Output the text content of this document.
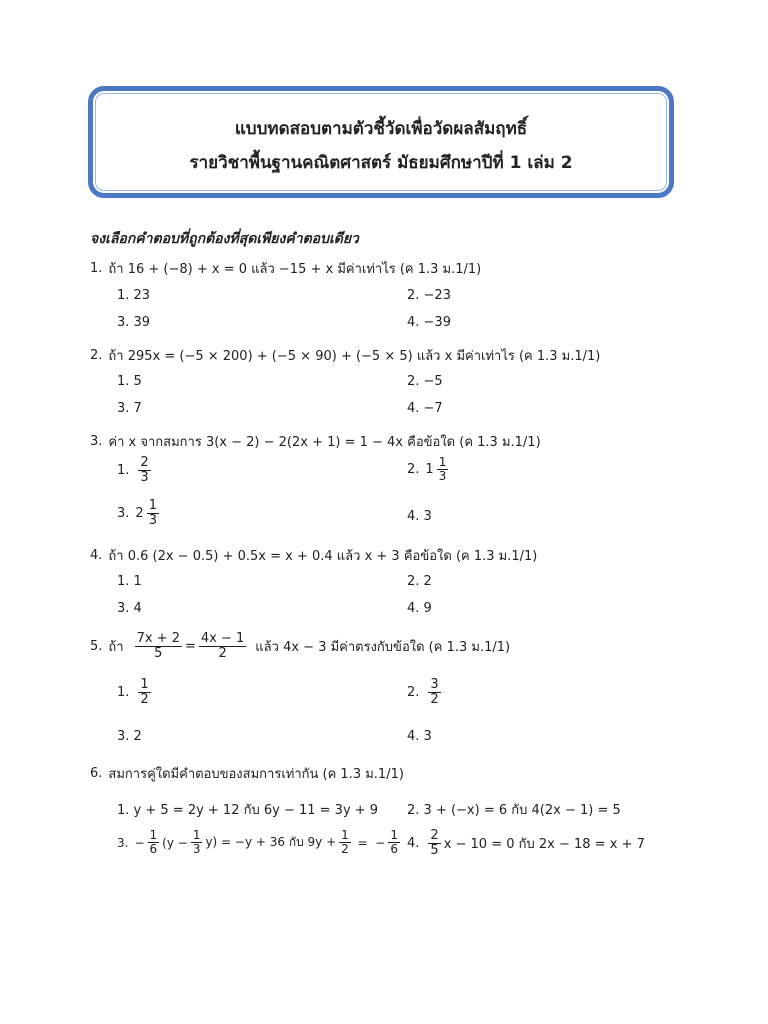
แบบทดสอบตามตัวชี้วัดเพื่อวัดผลสัมฤทธิ์
รายวิชาพื้นฐานคณิตศาสตร์ มัธยมศึกษาปีที่ 1 เล่ม 2
จงเลือกคำตอบที่ถูกต้องที่สุดเพียงคำตอบเดียว
1. ถ้า 16 + (−8) + x = 0 แล้ว −15 + x มีค่าเท่าไร (ค 1.3 ม.1/1)
1. 23	2. −23
3. 39	4. −39
2. ถ้า 295x = (−5 × 200) + (−5 × 90) + (−5 × 5) แล้ว x มีค่าเท่าไร (ค 1.3 ม.1/1)
1. 5	2. −5
3. 7	4. −7
3. ค่า x จากสมการ 3(x − 2) − 2(2x + 1) = 1 − 4x คือข้อใด (ค 1.3 ม.1/1)
1. $\frac{2}{3}$	2. $1 \frac{1}{3}$
3. $2 \frac{1}{3}$	4. 3
4. ถ้า 0.6 (2x − 0.5) + 0.5x = x + 0.4 แล้ว x + 3 คือข้อใด (ค 1.3 ม.1/1)
1. 1	2. 2
3. 4	4. 9
5. ถ้า $\frac{7x + 2}{5} = \frac{4x - 1}{2}$ แล้ว 4x − 3 มีค่าตรงกับข้อใด (ค 1.3 ม.1/1)
1. $\frac{1}{2}$	2. $\frac{3}{2}$
3. 2	4. 3
6. สมการคู่ใดมีคำตอบของสมการเท่ากัน (ค 1.3 ม.1/1)
1. y + 5 = 2y + 12 กับ 6y − 11 = 3y + 9 2. 3 + (−x) = 6 กับ 4(2x − 1) = 5
3. − $\frac{1}{6} (y - \frac{1}{3} y) = -y + 36$ กับ $9y + \frac{1}{2}$ =  − $\frac{1}{6} 4$. $\frac{2}{5}$ x − 10 = 0 กับ 2x − 18 = x + 7
